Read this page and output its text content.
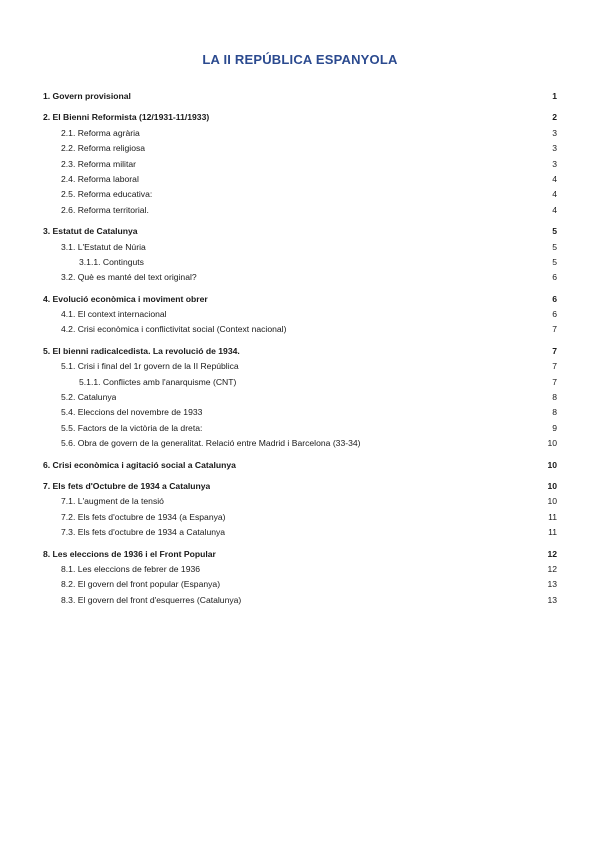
LA II REPÚBLICA ESPANYOLA
1. Govern provisional	1
2. El Bienni Reformista (12/1931-11/1933)	2
2.1. Reforma agrària	3
2.2. Reforma religiosa	3
2.3. Reforma militar	3
2.4. Reforma laboral	4
2.5. Reforma educativa:	4
2.6. Reforma territorial.	4
3. Estatut de Catalunya	5
3.1. L'Estatut de Núria	5
3.1.1. Continguts	5
3.2. Què es manté del text original?	6
4. Evolució econòmica i moviment obrer	6
4.1. El context internacional	6
4.2. Crisi econòmica i conflictivitat social (Context nacional)	7
5. El bienni radicalcedista. La revolució de 1934.	7
5.1. Crisi i final del 1r govern de la II República	7
5.1.1. Conflictes amb l'anarquisme (CNT)	7
5.2. Catalunya	8
5.4. Eleccions del novembre de 1933	8
5.5. Factors de la victòria de la dreta:	9
5.6. Obra de govern de la generalitat. Relació entre Madrid i Barcelona (33-34)	10
6. Crisi econòmica i agitació social a Catalunya	10
7. Els fets d'Octubre de 1934 a Catalunya	10
7.1. L'augment de la tensió	10
7.2. Els fets d'octubre de 1934 (a Espanya)	11
7.3. Els fets d'octubre de 1934 a Catalunya	11
8. Les eleccions de 1936 i el Front Popular	12
8.1. Les eleccions de febrer de 1936	12
8.2. El govern del front popular (Espanya)	13
8.3. El govern del front d'esquerres (Catalunya)	13
